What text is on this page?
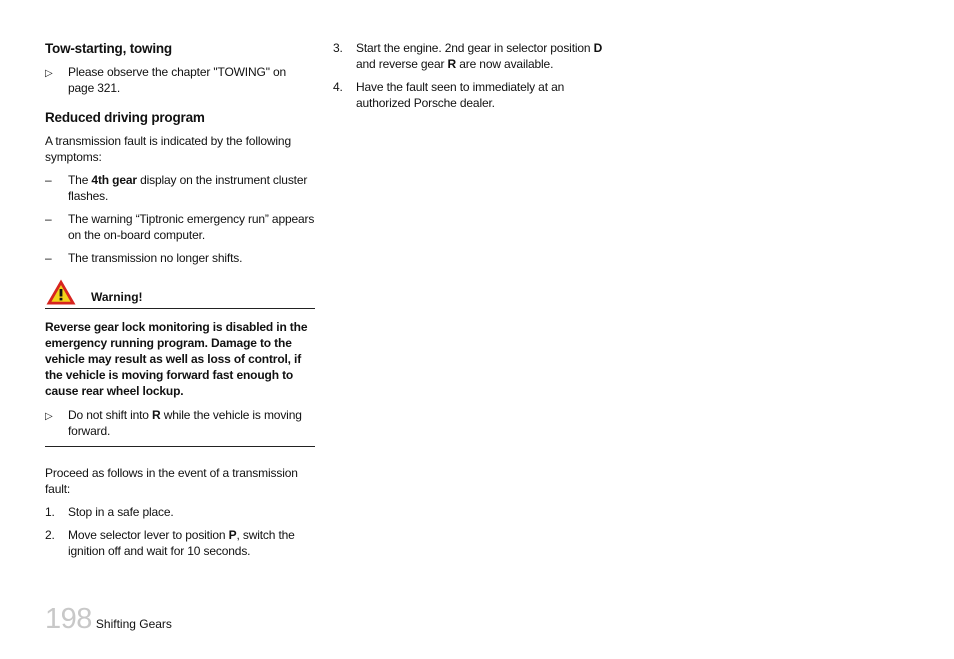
Tow-starting, towing
▷	Please observe the chapter "TOWING" on page 321.
Reduced driving program
A transmission fault is indicated by the following symptoms:
–	The 4th gear display on the instrument cluster flashes.
–	The warning “Tiptronic emergency run” appears on the on-board computer.
–	The transmission no longer shifts.
Warning!
Reverse gear lock monitoring is disabled in the emergency running program. Damage to the vehicle may result as well as loss of control, if the vehicle is moving forward fast enough to cause rear wheel lockup.
▷	Do not shift into R while the vehicle is moving forward.
Proceed as follows in the event of a transmission fault:
1.	Stop in a safe place.
2.	Move selector lever to position P, switch the ignition off and wait for 10 seconds.
3.	Start the engine. 2nd gear in selector position D and reverse gear R are now available.
4.	Have the fault seen to immediately at an authorized Porsche dealer.
198 Shifting Gears
